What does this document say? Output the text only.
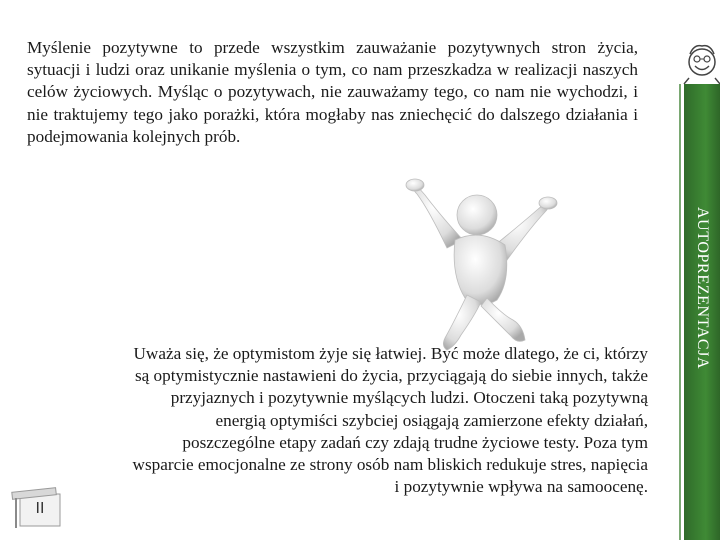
Myślenie pozytywne to przede wszystkim zauważanie pozytywnych stron życia, sytuacji i ludzi oraz unikanie myślenia o tym, co nam przeszkadza w realizacji naszych celów życiowych. Myśląc o pozytywach, nie zauważamy tego, co nam nie wychodzi, i nie traktujemy tego jako porażki, która mogłaby nas zniechęcić do dalszego działania i podejmowania kolejnych prób.

Uważa się, że optymistom żyje się łatwiej. Być może dlatego, że ci, którzy
są optymistycznie nastawieni do życia, przyciągają do siebie innych, także
przyjaznych i pozytywnie myślących ludzi. Otoczeni taką pozytywną
energią optymiści szybciej osiągają zamierzone efekty działań,
poszczególne etapy zadań czy zdają trudne życiowe testy. Poza tym
wsparcie emocjonalne ze strony osób nam bliskich redukuje stres, napięcia
i pozytywnie wpływa na samoocenę.
AUTOPREZENTACJA
II
